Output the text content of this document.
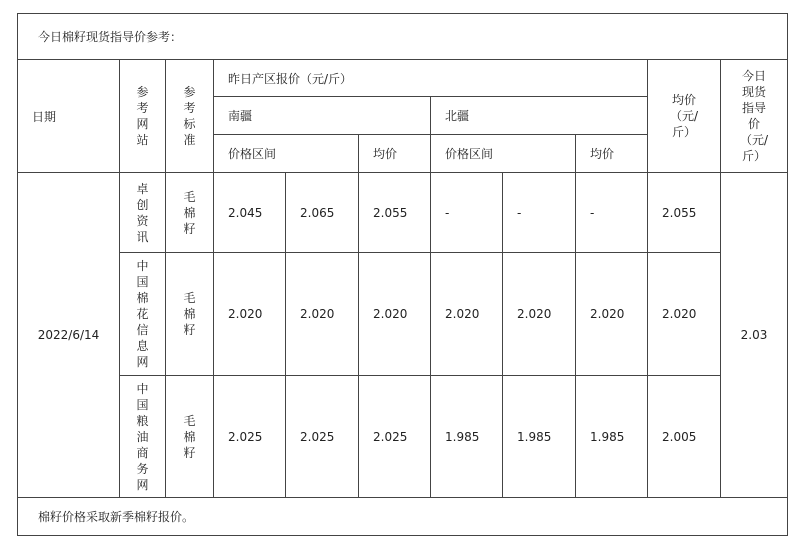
今日棉籽现货指导价参考：										
日期	参考网站	参考标准	昨日产区报价（元/斤）						均价（元/斤）	今日现货指导价（元/斤）
			南疆			北疆				
			价格区间		均价	价格区间		均价		
2022/6/14	卓创资讯	毛棉籽	2.045	2.065	2.055	-	-	-	2.055	2.03
	中国棉花信息网	毛棉籽	2.020	2.020	2.020	2.020	2.020	2.020	2.020	
	中国粮油商务网	毛棉籽	2.025	2.025	2.025	1.985	1.985	1.985	2.005	
棉籽价格采取新季棉籽报价。										
